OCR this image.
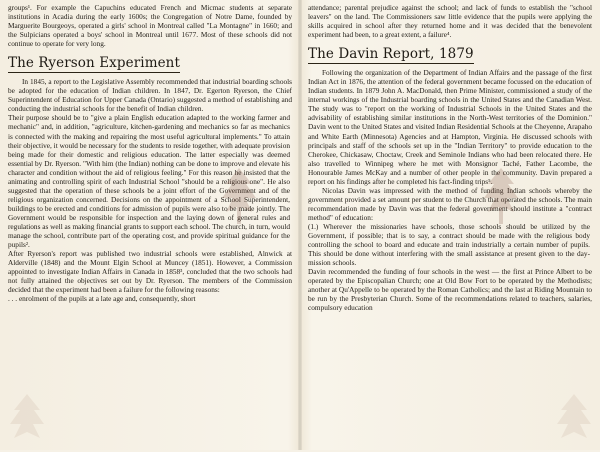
groups¹. For example the Capuchins educated French and Micmac students at separate institutions in Acadia during the early 1600s; the Congregation of Notre Dame, founded by Marguerite Bourgeoys, operated a girls' school in Montreal called "La Montagne" in 1660; and the Sulpicians operated a boys' school in Montreal until 1677. Most of these schools did not continue to operate for very long.

The Ryerson Experiment

In 1845, a report to the Legislative Assembly recommended that industrial boarding schools be adopted for the education of Indian children. In 1847, Dr. Egerton Ryerson, the Chief Superintendent of Education for Upper Canada (Ontario) suggested a method of establishing and conducting the industrial schools for the benefit of Indian children.

Their purpose should be to "give a plain English education adapted to the working farmer and mechanic" and, in addition, "agriculture, kitchen-gardening and mechanics so far as mechanics is connected with the making and repairing the most useful agricultural implements." To attain their objective, it would be necessary for the students to reside together, with adequate provision being made for their domestic and religious education. The latter especially was deemed essential by Dr. Ryerson. "With him (the Indian) nothing can be done to improve and elevate his character and condition without the aid of religious feeling." For this reason he insisted that the animating and controlling spirit of each Industrial School "should be a religious one". He also suggested that the operation of these schools be a joint effort of the Government and of the religious organization concerned. Decisions on the appointment of a School Superintendent, buildings to be erected and conditions for admission of pupils were also to be made jointly. The Government would be responsible for inspection and the laying down of general rules and regulations as well as making financial grants to support each school. The church, in turn, would manage the school, contribute part of the operating cost, and provide spiritual guidance for the pupils².

After Ryerson's report was published two industrial schools were established, Alnwick at Alderville (1848) and the Mount Elgin School at Muncey (1851). However, a Commission appointed to investigate Indian Affairs in Canada in 1858³, concluded that the two schools had not fully attained the objectives set out by Dr. Ryerson. The members of the Commission decided that the experiment had been a failure for the following reasons:

. . . enrolment of the pupils at a late age and, consequently, short

attendance; parental prejudice against the school; and lack of funds to establish the "school leavers" on the land. The Commissioners saw little evidence that the pupils were applying the skills acquired in school after they returned home and it was decided that the benevolent experiment had been, to a great extent, a failure⁴.

The Davin Report, 1879

Following the organization of the Department of Indian Affairs and the passage of the first Indian Act in 1876, the attention of the federal government became focussed on the education of Indian students. In 1879 John A. MacDonald, then Prime Minister, commissioned a study of the internal workings of the Industrial boarding schools in the United States and the Canadian West. The study was to "report on the working of Industrial Schools in the United States and the advisability of establishing similar institutions in the North-West territories of the Dominion." Davin went to the United States and visited Indian Residential Schools at the Cheyenne, Arapaho and White Earth (Minnesota) Agencies and at Hampton, Virginia. He discussed schools with principals and staff of the schools set up in the "Indian Territory" to provide education to the Cherokee, Chickasaw, Choctaw, Creek and Seminole Indians who had been relocated there. He also travelled to Winnipeg where he met with Monsignor Taché, Father Lacombe, the Honourable James McKay and a number of other people in the community. Davin prepared a report on his findings after he completed his fact-finding trips⁵.

Nicolas Davin was impressed with the method of funding Indian schools whereby the government provided a set amount per student to the Church that operated the schools. The main recommendation made by Davin was that the federal government should institute a "contract method" of education:

(1.) Wherever the missionaries have schools, those schools should be utilized by the Government, if possible; that is to say, a contract should be made with the religious body controlling the school to board and educate and train industrially a certain number of pupils. This should be done without interfering with the small assistance at present given to the day-mission schools.

Davin recommended the funding of four schools in the west — the first at Prince Albert to be operated by the Episcopalian Church; one at Old Bow Fort to be operated by the Methodists; another at Qu'Appelle to be operated by the Roman Catholics; and the last at Riding Mountain to be run by the Presbyterian Church. Some of the recommendations related to teachers, salaries, compulsory education
